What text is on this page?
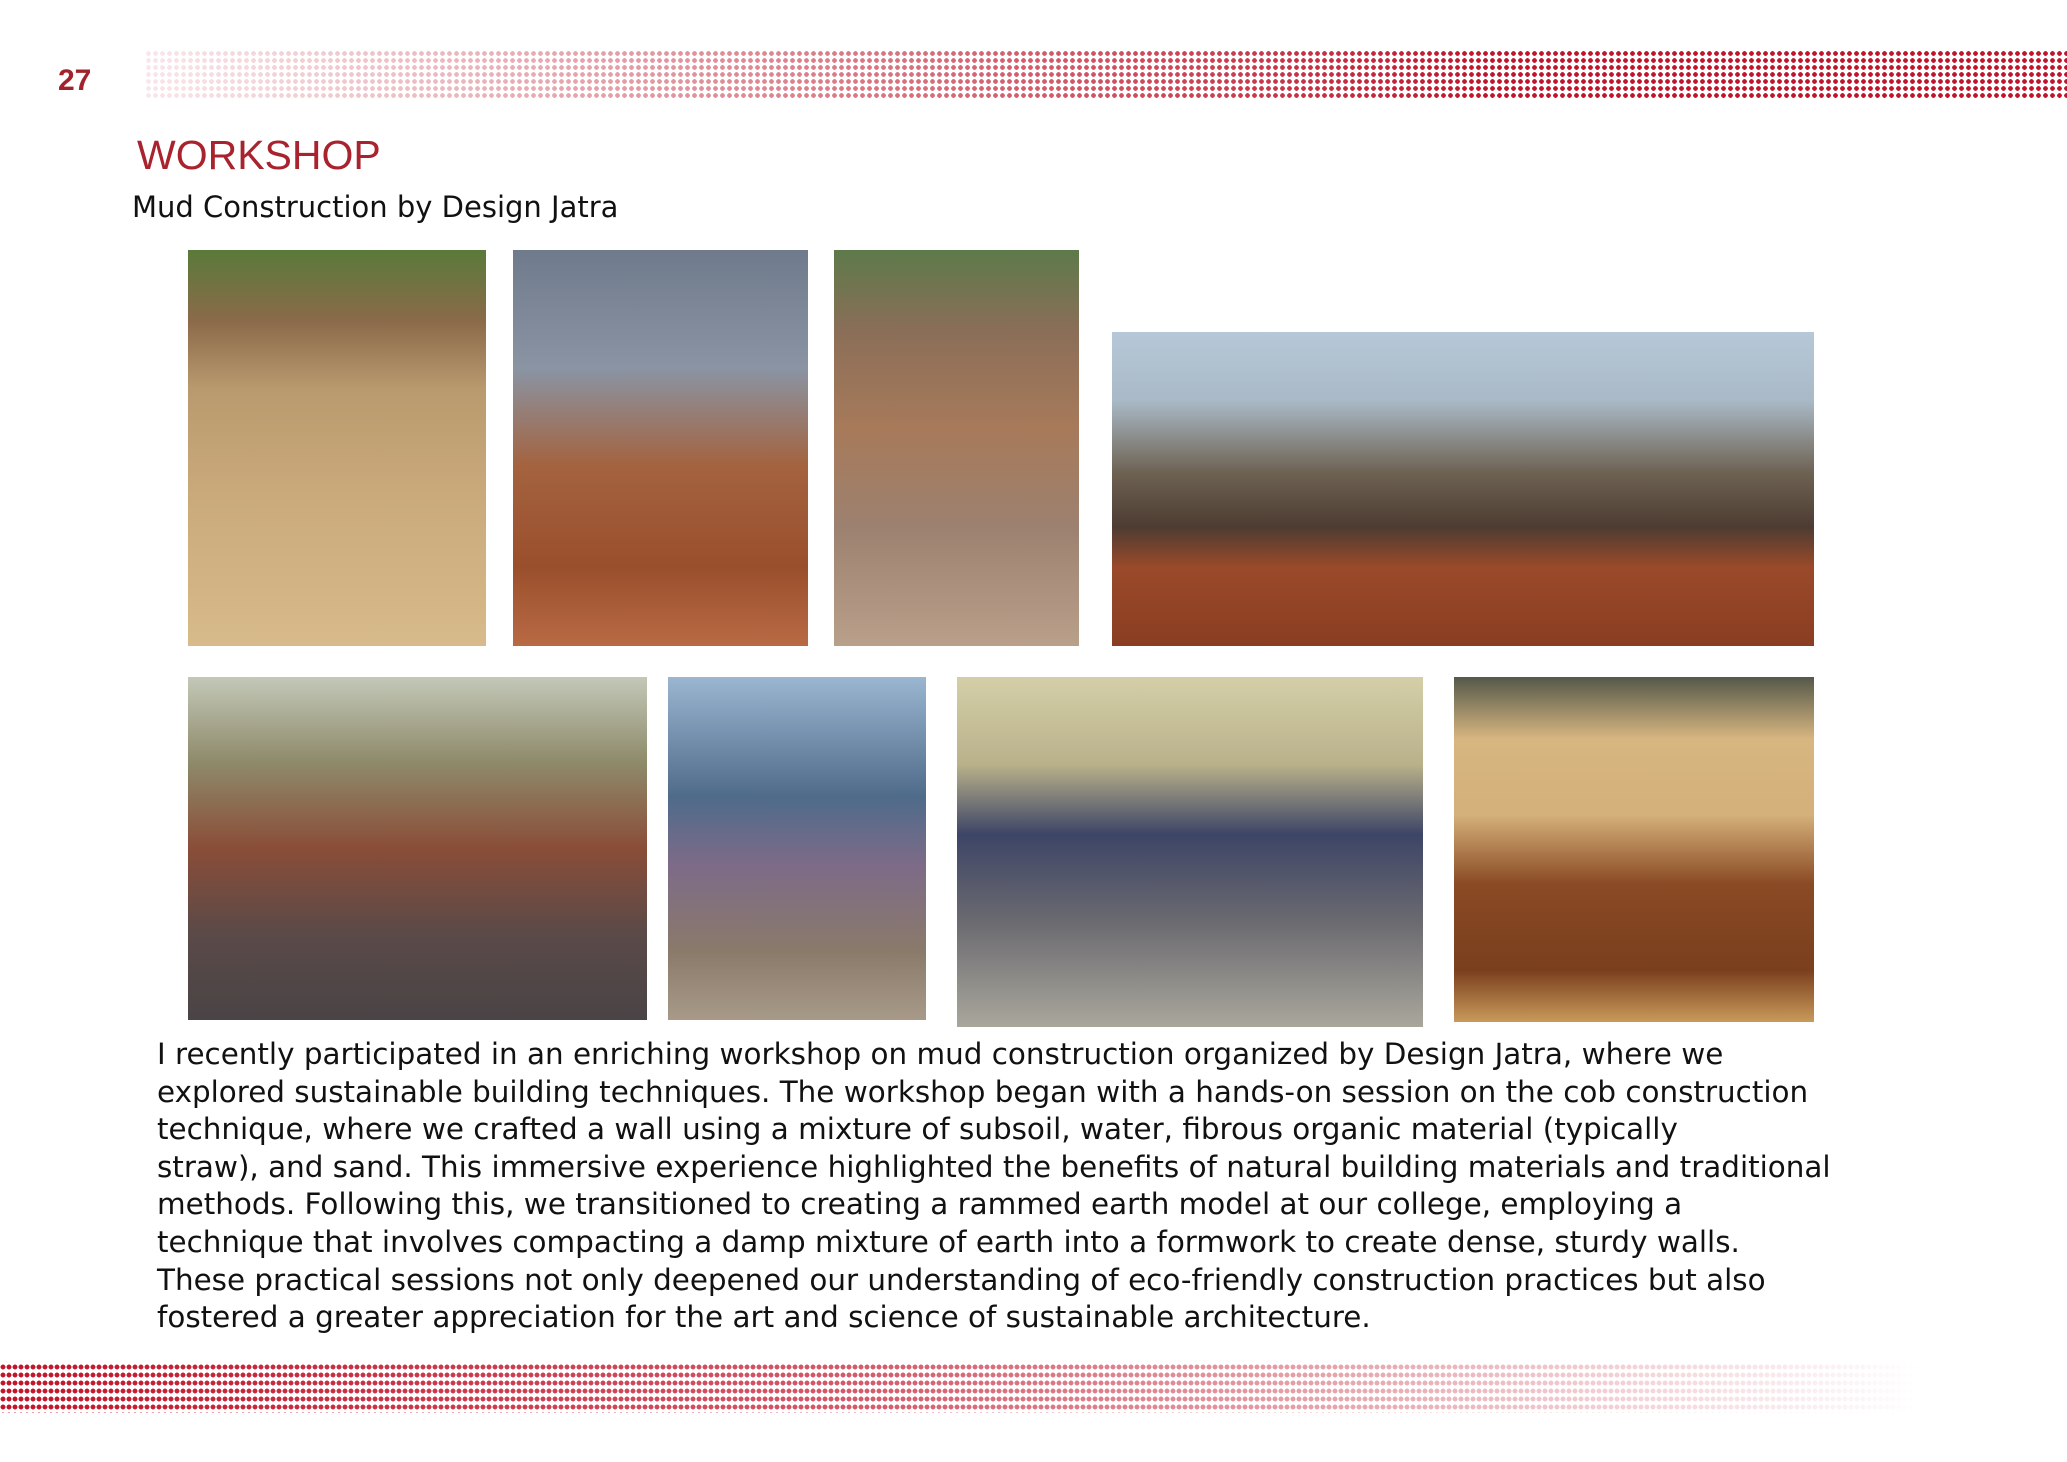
27
WORKSHOP
Mud Construction by Design Jatra
I recently participated in an enriching workshop on mud construction organized by Design Jatra, where we
explored sustainable building techniques. The workshop began with a hands-on session on the cob construction
technique, where we crafted a wall using a mixture of subsoil, water, fibrous organic material (typically
straw), and sand. This immersive experience highlighted the benefits of natural building materials and traditional
methods. Following this, we transitioned to creating a rammed earth model at our college, employing a
technique that involves compacting a damp mixture of earth into a formwork to create dense, sturdy walls.
These practical sessions not only deepened our understanding of eco-friendly construction practices but also
fostered a greater appreciation for the art and science of sustainable architecture.
